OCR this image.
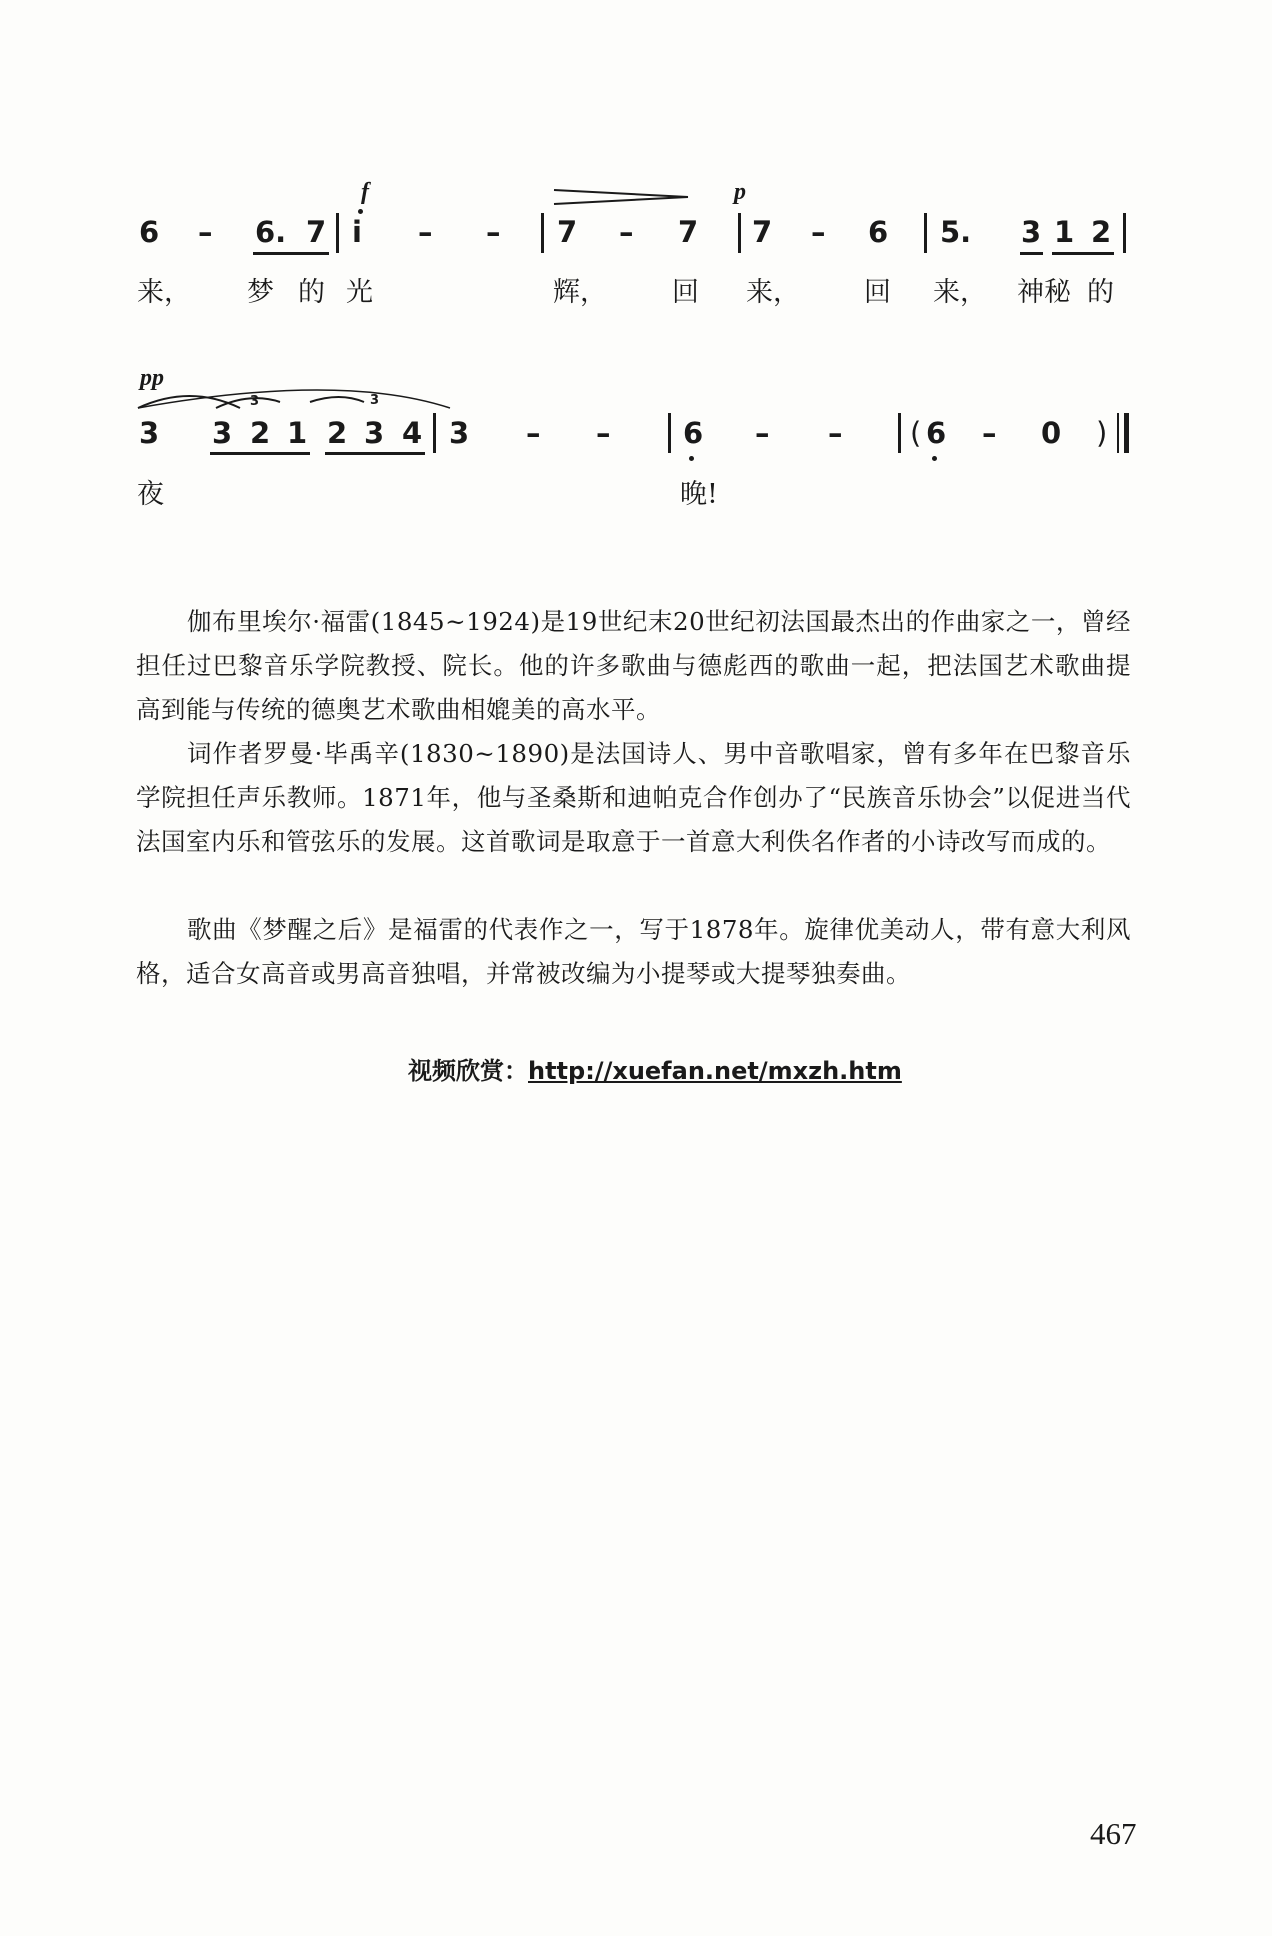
f	p
6 – 6. 7 i – – 7 – 7 7 – 6 5. 3 1 2
来， 梦 的 光	辉， 回 来， 回 来， 神秘 的
pp
3	3
3 3 2 1 2 3 4 3 – –	6 – – ( 6 – 0 )
夜	晚!

伽布里埃尔·福雷(1845~1924)是19世纪末20世纪初法国最杰出的作曲家之一，曾经担任过巴黎音乐学院教授、院长。他的许多歌曲与德彪西的歌曲一起，把法国艺术歌曲提高到能与传统的德奥艺术歌曲相媲美的高水平。

词作者罗曼·毕禹辛(1830~1890)是法国诗人、男中音歌唱家，曾有多年在巴黎音乐学院担任声乐教师。1871年，他与圣桑斯和迪帕克合作创办了“民族音乐协会”以促进当代法国室内乐和管弦乐的发展。这首歌词是取意于一首意大利佚名作者的小诗改写而成的。

歌曲《梦醒之后》是福雷的代表作之一，写于1878年。旋律优美动人，带有意大利风格，适合女高音或男高音独唱，并常被改编为小提琴或大提琴独奏曲。

视频欣赏：http://xuefan.net/mxzh.htm
467
